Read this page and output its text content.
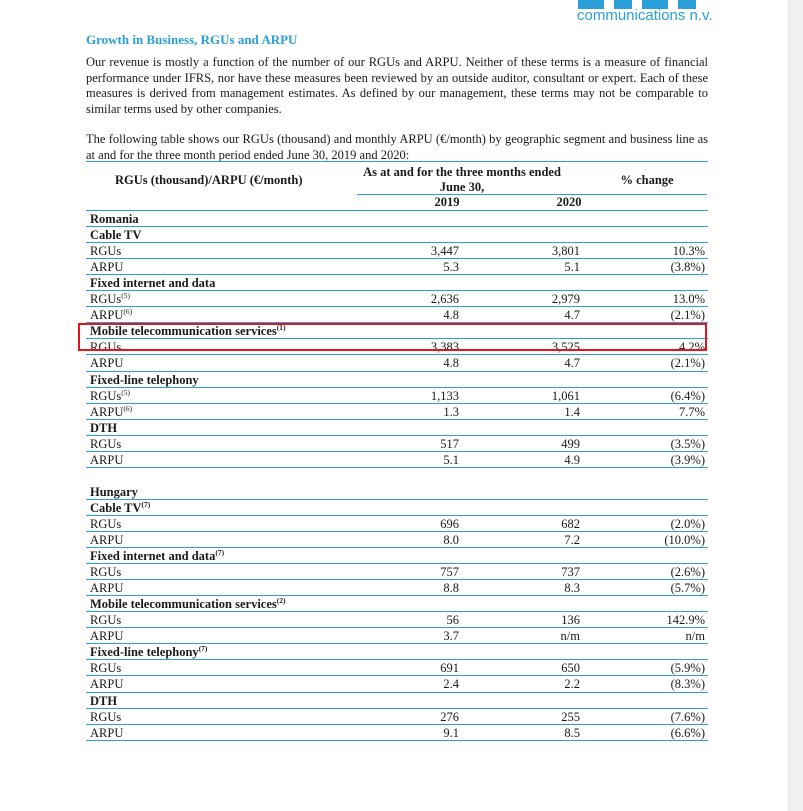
communications n.v.
Growth in Business, RGUs and ARPU
Our revenue is mostly a function of the number of our RGUs and ARPU. Neither of these terms is a measure of financial performance under IFRS, nor have these measures been reviewed by an outside auditor, consultant or expert. Each of these measures is derived from management estimates. As defined by our management, these terms may not be comparable to similar terms used by other companies.
The following table shows our RGUs (thousand) and monthly ARPU (€/month) by geographic segment and business line as at and for the three month period ended June 30, 2019 and 2020:
RGUs (thousand)/ARPU (€/month)
As at and for the three months ended
June 30,
2019	2020
% change
Romania
Cable TV
RGUs	3,447	3,801	10.3%
ARPU	5.3	5.1	(3.8%)
Fixed internet and data
RGUs$^{(5)}$	2,636	2,979	13.0%
ARPU$^{(6)}$	4.8	4.7	(2.1%)
Mobile telecommunication services$^{(1)}$
RGUs	3,383	3,525	4.2%
ARPU	4.8	4.7	(2.1%)
Fixed-line telephony
RGUs$^{(5)}$	1,133	1,061	(6.4%)
ARPU$^{(6)}$	1.3	1.4	7.7%
DTH
RGUs	517	499	(3.5%)
ARPU	5.1	4.9	(3.9%)
Hungary
Cable TV$^{(7)}$
RGUs	696	682	(2.0%)
ARPU	8.0	7.2	(10.0%)
Fixed internet and data$^{(7)}$
RGUs	757	737	(2.6%)
ARPU	8.8	8.3	(5.7%)
Mobile telecommunication services$^{(2)}$
RGUs	56	136	142.9%
ARPU	3.7	n/m	n/m
Fixed-line telephony$^{(7)}$
RGUs	691	650	(5.9%)
ARPU	2.4	2.2	(8.3%)
DTH
RGUs	276	255	(7.6%)
ARPU	9.1	8.5	(6.6%)
